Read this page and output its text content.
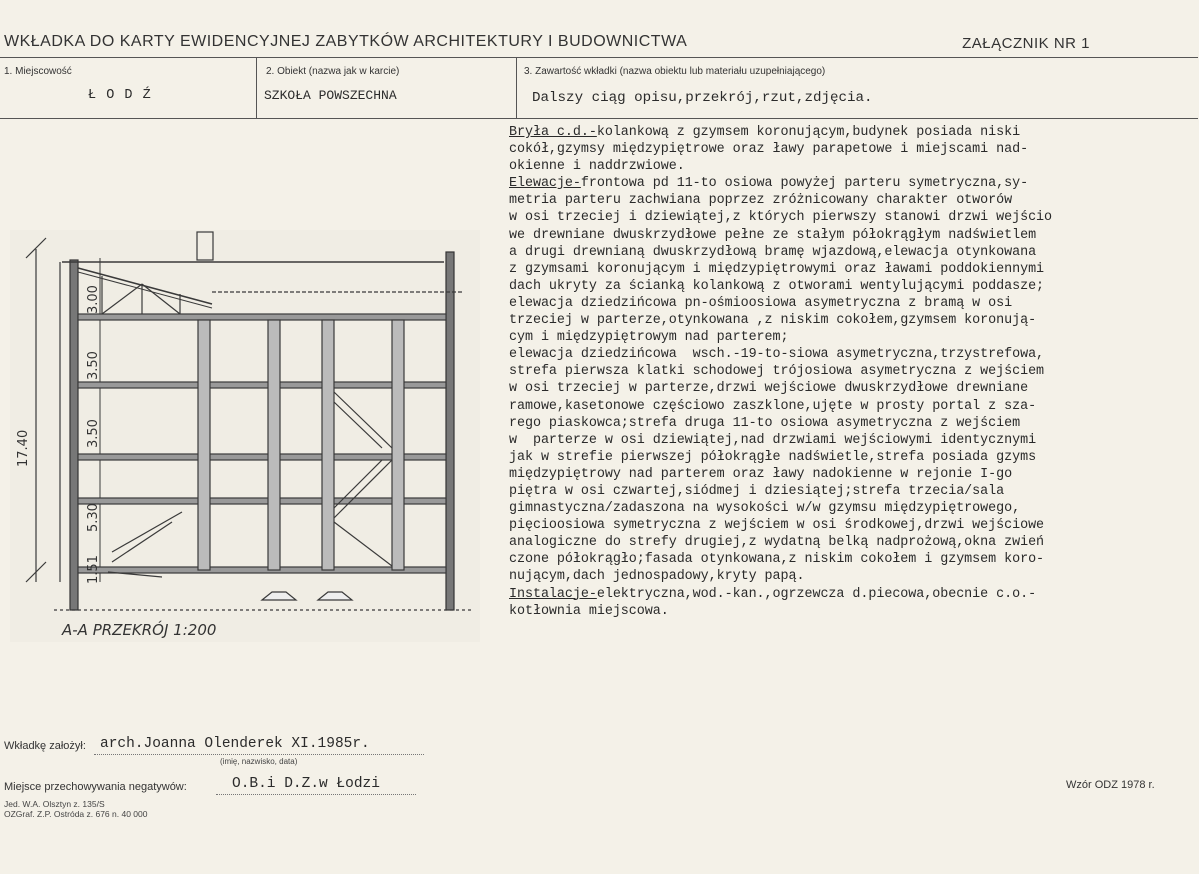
WKŁADKA DO KARTY EWIDENCYJNEJ ZABYTKÓW ARCHITEKTURY I BUDOWNICTWA	ZAŁĄCZNIK NR 1
1. Miejscowość
Ł O D Ź
2. Obiekt (nazwa jak w karcie)
SZKOŁA POWSZECHNA
3. Zawartość wkładki (nazwa obiektu lub materiału uzupełniającego)
Dalszy ciąg opisu,przekrój,rzut,zdjęcia.
Bryła c.d.-kolankową z gzymsem koronującym,budynek posiada niski
cokół,gzymsy międzypiętrowe oraz ławy parapetowe i miejscami nad-
okienne i naddrzwiowe.
Elewacje-frontowa pd 11-to osiowa powyżej parteru symetryczna,sy-
metria parteru zachwiana poprzez zróżnicowany charakter otworów
w osi trzeciej i dziewiątej,z których pierwszy stanowi drzwi wejścio
we drewniane dwuskrzydłowe pełne ze stałym półokrągłym nadświetlem
a drugi drewnianą dwuskrzydłową bramę wjazdową,elewacja otynkowana
z gzymsami koronującym i międzypiętrowymi oraz ławami poddokiennymi
dach ukryty za ścianką kolankową z otworami wentylującymi poddasze;
elewacja dziedzińcowa pn-ośmioosiowa asymetryczna z bramą w osi
trzeciej w parterze,otynkowana ,z niskim cokołem,gzymsem koronują-
cym i międzypiętrowym nad parterem;
elewacja dziedzińcowa  wsch.-19-to-siowa asymetryczna,trzystrefowa,
strefa pierwsza klatki schodowej trójosiowa asymetryczna z wejściem
w osi trzeciej w parterze,drzwi wejściowe dwuskrzydłowe drewniane
ramowe,kasetonowe częściowo zaszklone,ujęte w prosty portal z sza-
rego piaskowca;strefa druga 11-to osiowa asymetryczna z wejściem
w  parterze w osi dziewiątej,nad drzwiami wejściowymi identycznymi
jak w strefie pierwszej półokrągłe nadświetle,strefa posiada gzyms
międzypiętrowy nad parterem oraz ławy nadokienne w rejonie I-go
piętra w osi czwartej,siódmej i dziesiątej;strefa trzecia/sala
gimnastyczna/zadaszona na wysokości w/w gzymsu międzypiętrowego,
pięcioosiowa symetryczna z wejściem w osi środkowej,drzwi wejściowe
analogiczne do strefy drugiej,z wydatną belką nadprożową,okna zwień
czone półokrągło;fasada otynkowana,z niskim cokołem i gzymsem koro-
nującym,dach jednospadowy,kryty papą.
Instalacje-elektryczna,wod.-kan.,ogrzewcza d.piecowa,obecnie c.o.-
kotłownia miejscowa.
17.40
3.00
3.50
3.50
5.30
1.51
A-A PRZEKRÓJ 1:200
Wkładkę założył: arch.Joanna Olenderek XI.1985r.
(imię, nazwisko, data)
Miejsce przechowywania negatywów:	O.B.i D.Z.w Łodzi	Wzór ODZ 1978 r.
Jed. W.A. Olsztyn z. 135/S
OZGraf. Z.P. Ostróda z. 676 n. 40 000
